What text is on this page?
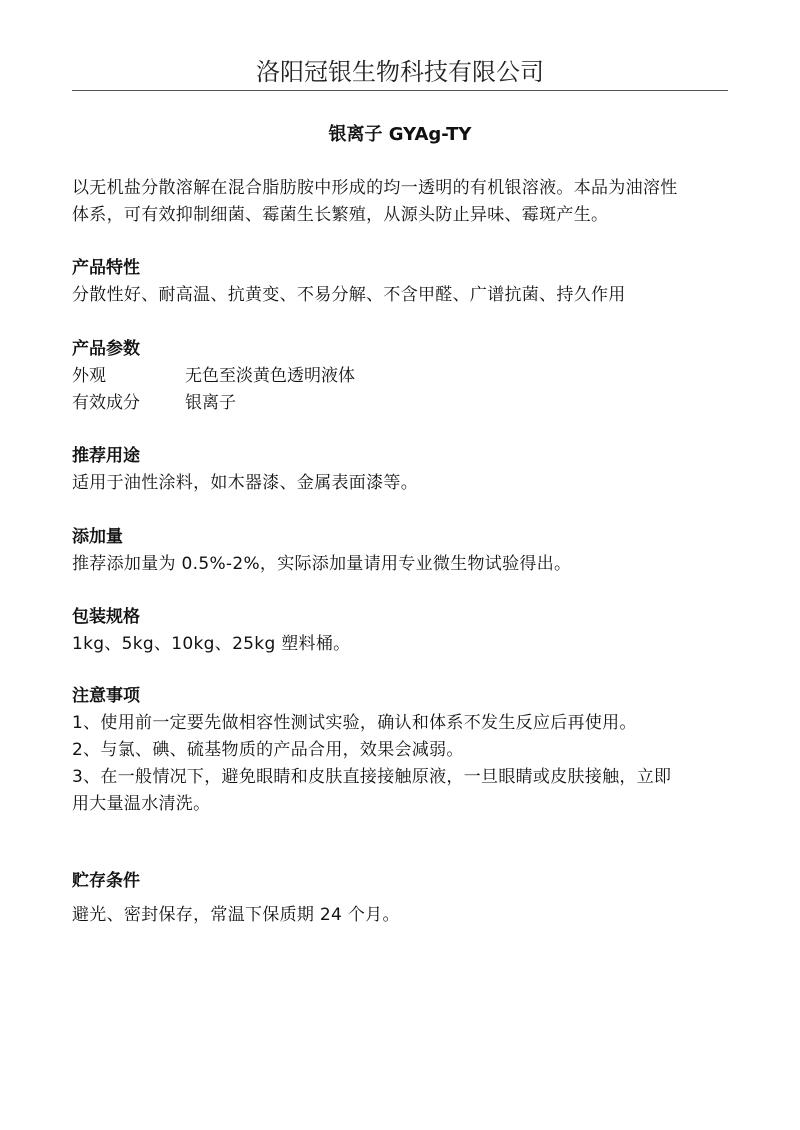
洛阳冠银生物科技有限公司
银离子 GYAg-TY
以无机盐分散溶解在混合脂肪胺中形成的均一透明的有机银溶液。本品为油溶性
体系，可有效抑制细菌、霉菌生长繁殖，从源头防止异味、霉斑产生。
产品特性
分散性好、耐高温、抗黄变、不易分解、不含甲醛、广谱抗菌、持久作用
产品参数
外观	无色至淡黄色透明液体
有效成分	银离子
推荐用途
适用于油性涂料，如木器漆、金属表面漆等。
添加量
推荐添加量为 0.5%-2%，实际添加量请用专业微生物试验得出。
包装规格
1kg、5kg、10kg、25kg 塑料桶。
注意事项
1、使用前一定要先做相容性测试实验，确认和体系不发生反应后再使用。
2、与氯、碘、硫基物质的产品合用，效果会减弱。
3、在一般情况下，避免眼睛和皮肤直接接触原液，一旦眼睛或皮肤接触，立即
用大量温水清洗。
贮存条件
避光、密封保存，常温下保质期 24 个月。
